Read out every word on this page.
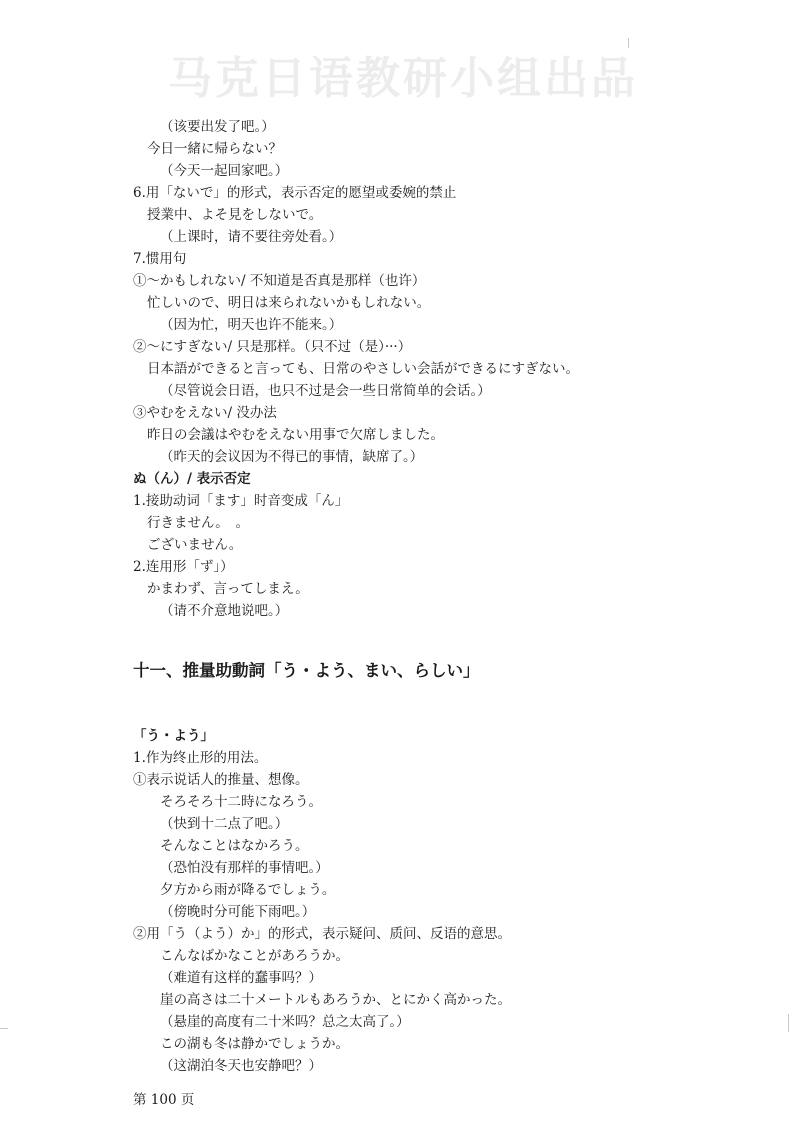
马克日语教研小组出品
（该要出发了吧。）
今日一緒に帰らない？
（今天一起回家吧。）
6.用「ないで」的形式，表示否定的愿望或委婉的禁止
授業中、よそ見をしないで。
（上课时，请不要往旁处看。）
7.惯用句
①～かもしれない/ 不知道是否真是那样（也许）
忙しいので、明日は来られないかもしれない。
（因为忙，明天也许不能来。）
②～にすぎない/ 只是那样。（只不过（是）···）
日本語ができると言っても、日常のやさしい会話ができるにすぎない。
（尽管说会日语，也只不过是会一些日常简单的会话。）
③やむをえない/ 没办法
昨日の会議はやむをえない用事で欠席しました。
（昨天的会议因为不得已的事情，缺席了。）
ぬ（ん）/ 表示否定
1.接助动词「ます」时音变成「ん」
行きません。　。
ございません。
2.连用形「ず」）
かまわず、言ってしまえ。
（请不介意地说吧。）
十一、推量助動詞「う・よう、まい、らしい」
「う・よう」
1.作为终止形的用法。
①表示说话人的推量、想像。
そろそろ十二時になろう。
（快到十二点了吧。）
そんなことはなかろう。
（恐怕没有那样的事情吧。）
夕方から雨が降るでしょう。
（傍晚时分可能下雨吧。）
②用「う（よう）か」的形式，表示疑问、质问、反语的意思。
こんなばかなことがあろうか。
（难道有这样的蠢事吗？）
崖の高さは二十メートルもあろうか、とにかく高かった。
（悬崖的高度有二十米吗？总之太高了。）
この湖も冬は静かでしょうか。
（这湖泊冬天也安静吧？）
第 100 页
